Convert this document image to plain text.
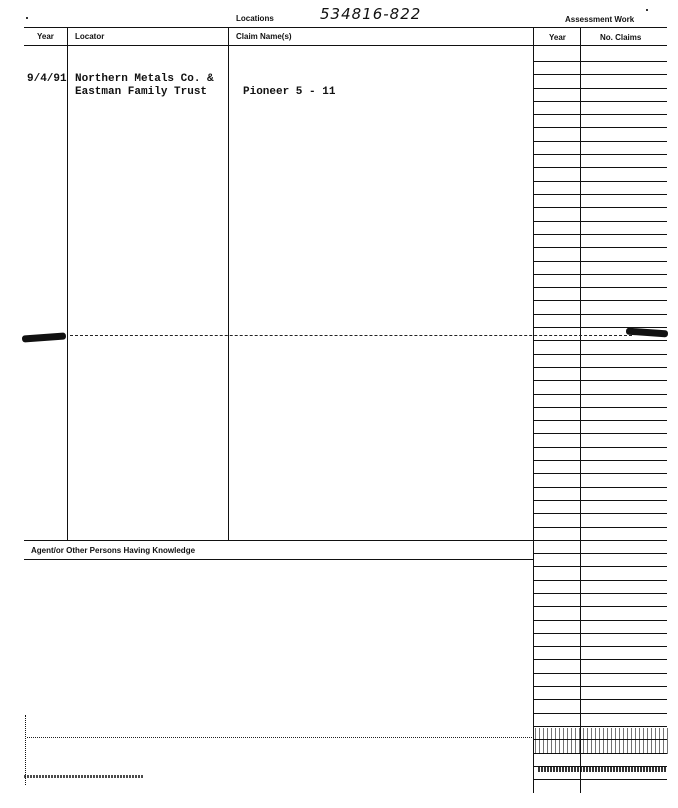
Locations	534816-822	Assessment Work
Year	Locator	Claim Name(s)	Year	No. Claims
9/4/91 Northern Metals Co. &
Eastman Family Trust	Pioneer 5 - 11
Agent/or Other Persons Having Knowledge
